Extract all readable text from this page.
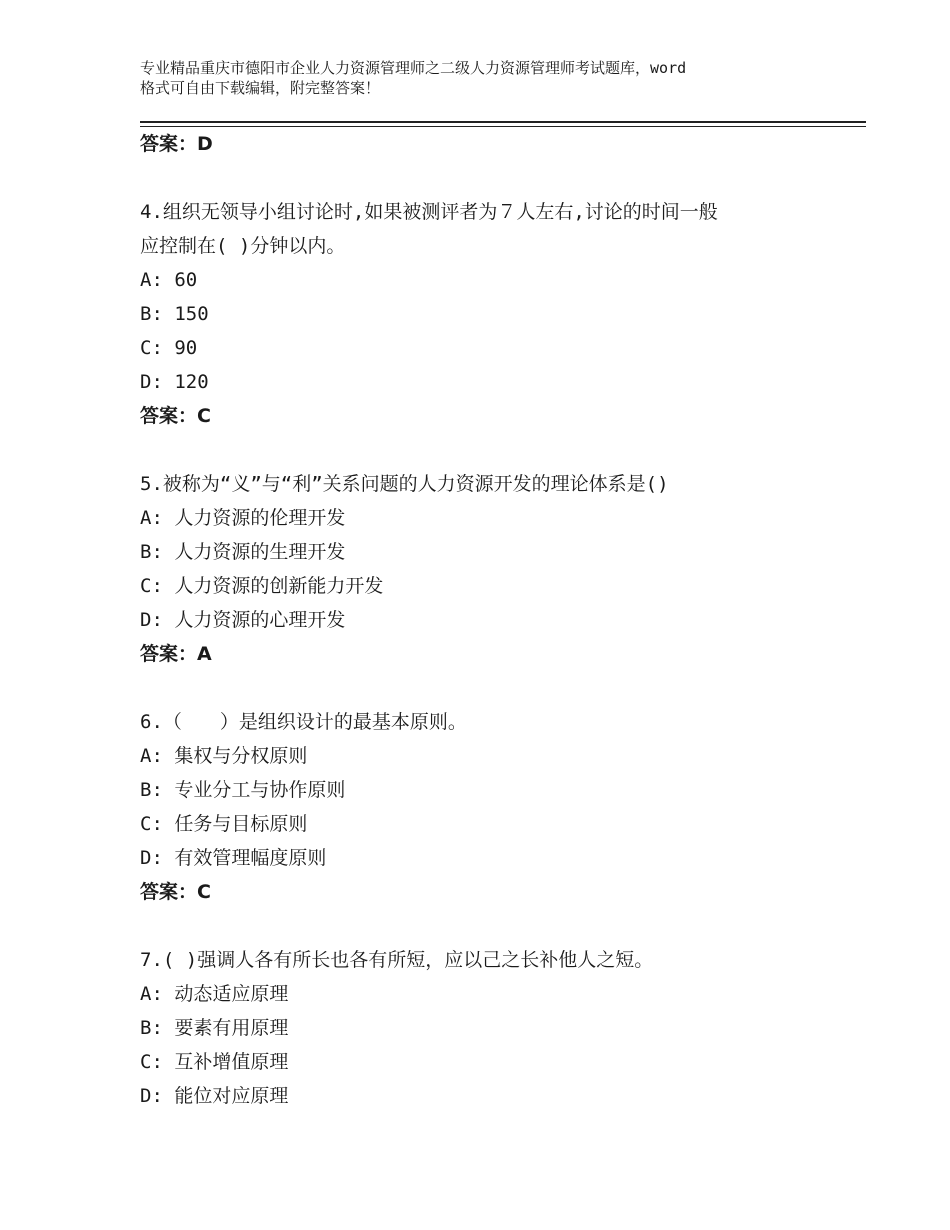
专业精品重庆市德阳市企业人力资源管理师之二级人力资源管理师考试题库，word
格式可自由下载编辑，附完整答案！
答案：D
4.组织无领导小组讨论时,如果被测评者为７人左右,讨论的时间一般
应控制在( )分钟以内。
A: 60
B: 150
C: 90
D: 120
答案：C
5.被称为“义”与“利”关系问题的人力资源开发的理论体系是()
A: 人力资源的伦理开发
B: 人力资源的生理开发
C: 人力资源的创新能力开发
D: 人力资源的心理开发
答案：A
6.（　　）是组织设计的最基本原则。
A: 集权与分权原则
B: 专业分工与协作原则
C: 任务与目标原则
D: 有效管理幅度原则
答案：C
7.( )强调人各有所长也各有所短，应以己之长补他人之短。
A: 动态适应原理
B: 要素有用原理
C: 互补增值原理
D: 能位对应原理
